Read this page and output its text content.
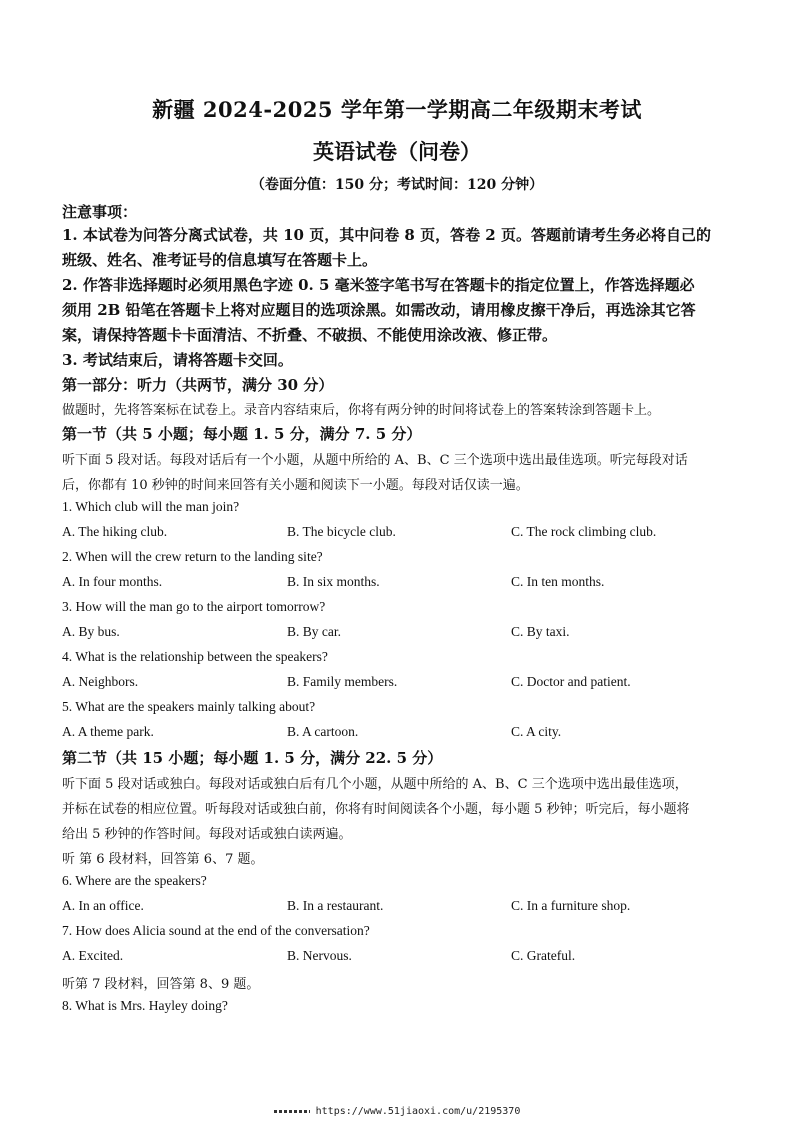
新疆 2024-2025 学年第一学期高二年级期末考试
英语试卷（问卷）
（卷面分值：150 分；考试时间：120 分钟）
注意事项：
1. 本试卷为问答分离式试卷，共 10 页，其中问卷 8 页，答卷 2 页。答题前请考生务必将自己的
班级、姓名、准考证号的信息填写在答题卡上。
2. 作答非选择题时必须用黑色字迹 0. 5 毫米签字笔书写在答题卡的指定位置上，作答选择题必
须用 2B 铅笔在答题卡上将对应题目的选项涂黑。如需改动，请用橡皮擦干净后，再选涂其它答
案，请保持答题卡卡面清洁、不折叠、不破损、不能使用涂改液、修正带。
3. 考试结束后，请将答题卡交回。
第一部分：听力（共两节，满分 30 分）
做题时，先将答案标在试卷上。录音内容结束后，你将有两分钟的时间将试卷上的答案转涂到答题卡上。
第一节（共 5 小题；每小题 1. 5 分，满分 7. 5 分）
听下面 5 段对话。每段对话后有一个小题，从题中所给的 A、B、C 三个选项中选出最佳选项。听完每段对话
后，你都有 10 秒钟的时间来回答有关小题和阅读下一小题。每段对话仅读一遍。
1. Which club will the man join?
A. The hiking club.	B. The bicycle club.	C. The rock climbing club.
2. When will the crew return to the landing site?
A. In four months.	B. In six months.	C. In ten months.
3. How will the man go to the airport tomorrow?
A. By bus.	B. By car.	C. By taxi.
4. What is the relationship between the speakers?
A. Neighbors.	B. Family members.	C. Doctor and patient.
5. What are the speakers mainly talking about?
A. A theme park.	B. A cartoon.	C. A city.
第二节（共 15 小题；每小题 1. 5 分，满分 22. 5 分）
听下面 5 段对话或独白。每段对话或独白后有几个小题，从题中所给的 A、B、C 三个选项中选出最佳选项，
并标在试卷的相应位置。听每段对话或独白前，你将有时间阅读各个小题，每小题 5 秒钟；听完后，每小题将
给出 5 秒钟的作答时间。每段对话或独白读两遍。
听 第 6 段材料，回答第 6、7 题。
6. Where are the speakers?
A. In an office.	B. In a restaurant.	C. In a furniture shop.
7. How does Alicia sound at the end of the conversation?
A. Excited.	B. Nervous.	C. Grateful.
听第 7 段材料，回答第 8、9 题。
8. What is Mrs. Hayley doing?
https://www.51jiaoxi.com/u/2195370
